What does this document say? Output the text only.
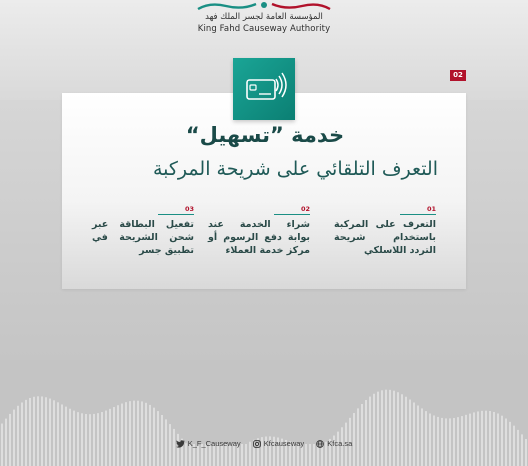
المؤسسة العامة لجسر الملك فهد
King Fahd Causeway Authority
02
خدمة ”تسهيل“
التعرف التلقائي على شريحة المركبة
01
التعرف على المركبة باستخدام شريحة التردد اللاسلكي
02
شراء الخدمة عند بوابة دفع الرسوم أو مركز خدمة العملاء
03
تفعيل البطاقة عبر شحن الشريحة في تطبيق جسر
K_F_Causeway	Kfcauseway	Kfca.sa
